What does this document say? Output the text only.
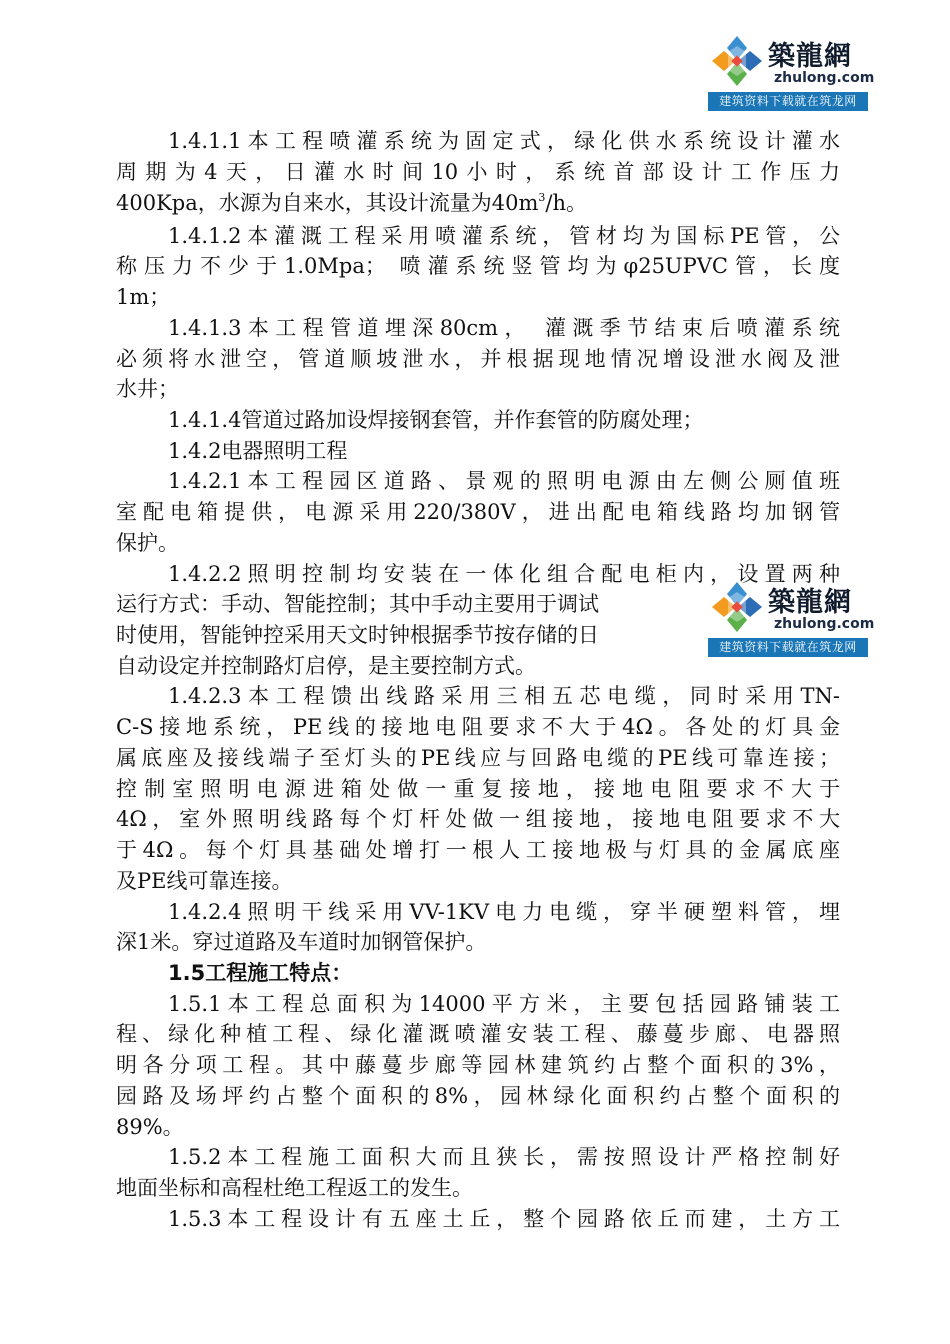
築龍網
zhulong.com
建筑资料下载就在筑龙网
築龍網
zhulong.com
建筑资料下载就在筑龙网
1.4.1.1本工程喷灌系统为固定式，绿化供水系统设计灌水
周期为4天，日灌水时间10小时，系统首部设计工作压力
400Kpa，水源为自来水，其设计流量为$40m^3/h$。
1.4.1.2本灌溉工程采用喷灌系统，管材均为国标PE管，公
称压力不少于1.0Mpa； 喷灌系统竖管均为φ25UPVC管，长度
1m；
1.4.1.3本工程管道埋深80cm， 灌溉季节结束后喷灌系统
必须将水泄空，管道顺坡泄水，并根据现地情况增设泄水阀及泄
水井；
1.4.1.4管道过路加设焊接钢套管，并作套管的防腐处理；
1.4.2电器照明工程
1.4.2.1本工程园区道路、景观的照明电源由左侧公厕值班
室配电箱提供，电源采用220/380V，进出配电箱线路均加钢管
保护。
1.4.2.2照明控制均安装在一体化组合配电柜内，设置两种
运行方式：手动、智能控制；其中手动主要用于调试
时使用，智能钟控采用天文时钟根据季节按存储的日
自动设定并控制路灯启停，是主要控制方式。
1.4.2.3本工程馈出线路采用三相五芯电缆，同时采用TN-
C-S接地系统，PE线的接地电阻要求不大于4Ω。各处的灯具金
属底座及接线端子至灯头的PE线应与回路电缆的PE线可靠连接；
控制室照明电源进箱处做一重复接地，接地电阻要求不大于
4Ω，室外照明线路每个灯杆处做一组接地，接地电阻要求不大
于4Ω。每个灯具基础处增打一根人工接地极与灯具的金属底座
及PE线可靠连接。
1.4.2.4照明干线采用VV-1KV电力电缆，穿半硬塑料管，埋
深1米。穿过道路及车道时加钢管保护。
1.5工程施工特点：
1.5.1本工程总面积为14000平方米，主要包括园路铺装工
程、绿化种植工程、绿化灌溉喷灌安装工程、藤蔓步廊、电器照
明各分项工程。其中藤蔓步廊等园林建筑约占整个面积的3%，
园路及场坪约占整个面积的8%，园林绿化面积约占整个面积的
89%。
1.5.2本工程施工面积大而且狭长，需按照设计严格控制好
地面坐标和高程杜绝工程返工的发生。
1.5.3本工程设计有五座土丘，整个园路依丘而建，土方工
